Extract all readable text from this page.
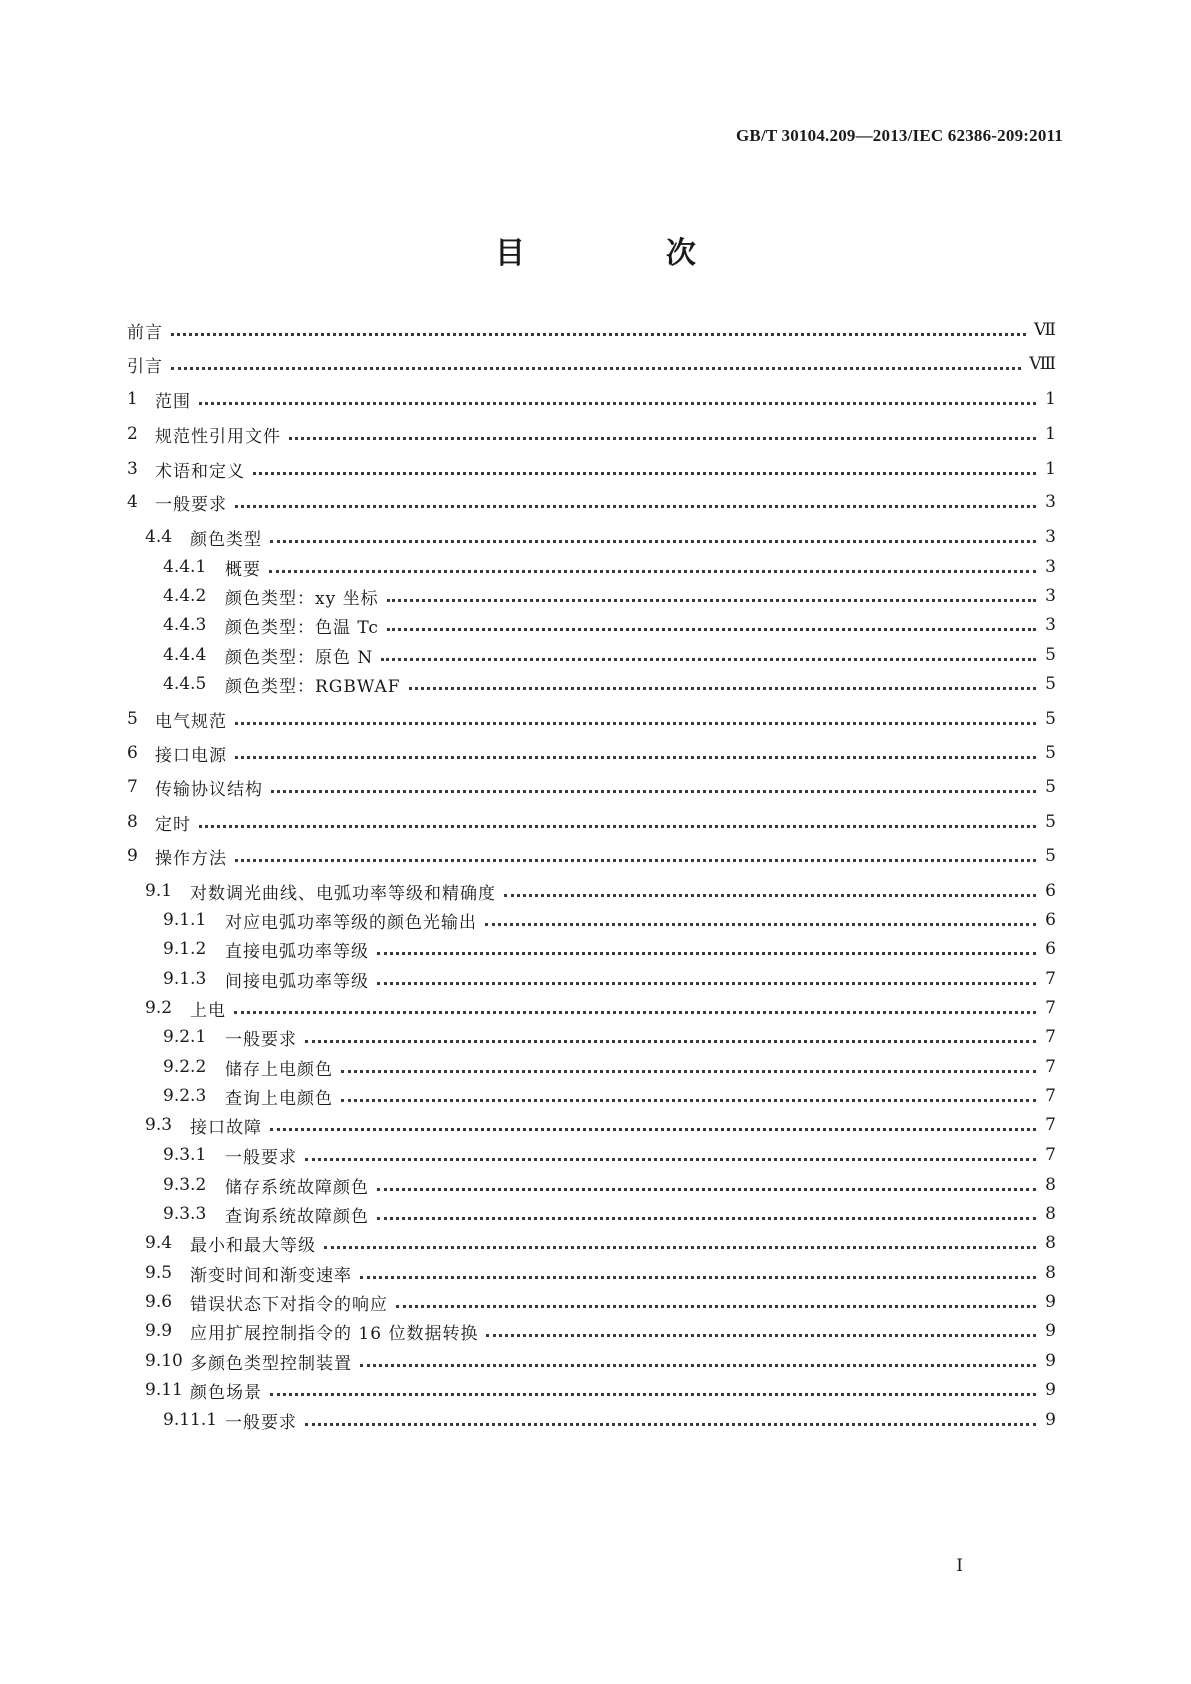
GB/T 30104.209—2013/IEC 62386-209:2011
目  次
前言	Ⅶ
引言	Ⅷ
1	范围	1
2	规范性引用文件	1
3	术语和定义	1
4	一般要求	3
4.4	颜色类型	3
4.4.1	概要	3
4.4.2	颜色类型：xy 坐标	3
4.4.3	颜色类型：色温 Tc	3
4.4.4	颜色类型：原色 N	5
4.4.5	颜色类型：RGBWAF	5
5	电气规范	5
6	接口电源	5
7	传输协议结构	5
8	定时	5
9	操作方法	5
9.1	对数调光曲线、电弧功率等级和精确度	6
9.1.1	对应电弧功率等级的颜色光输出	6
9.1.2	直接电弧功率等级	6
9.1.3	间接电弧功率等级	7
9.2	上电	7
9.2.1	一般要求	7
9.2.2	储存上电颜色	7
9.2.3	查询上电颜色	7
9.3	接口故障	7
9.3.1	一般要求	7
9.3.2	储存系统故障颜色	8
9.3.3	查询系统故障颜色	8
9.4	最小和最大等级	8
9.5	渐变时间和渐变速率	8
9.6	错误状态下对指令的响应	9
9.9	应用扩展控制指令的 16 位数据转换	9
9.10 多颜色类型控制装置	9
9.11 颜色场景	9
9.11.1 一般要求	9
I
